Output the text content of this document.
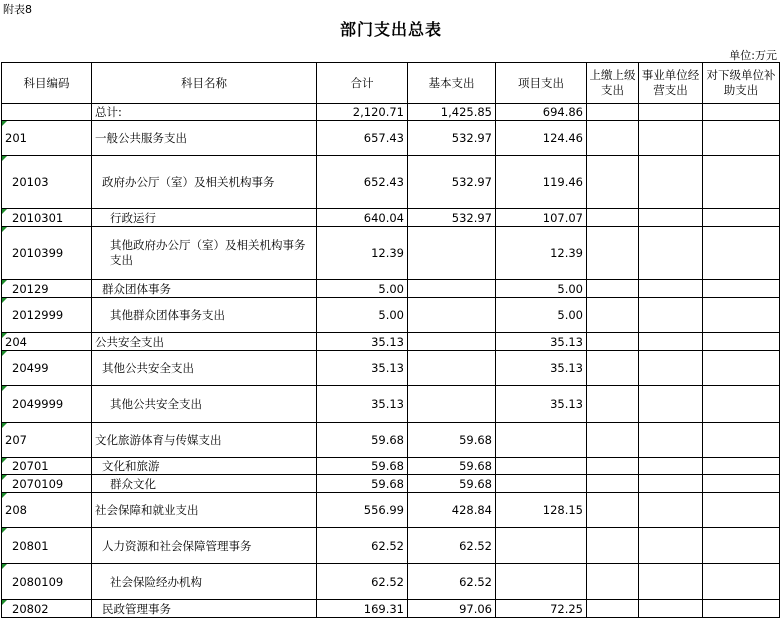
附表8
部门支出总表
单位:万元
科目编码	科目名称	合计	基本支出	项目支出	上缴上级支出	事业单位经营支出	对下级单位补助支出
	总计:	2,120.71	1,425.85	694.86			
201	一般公共服务支出	657.43	532.97	124.46			
20103	政府办公厅（室）及相关机构事务	652.43	532.97	119.46			
2010301	行政运行	640.04	532.97	107.07			
2010399	其他政府办公厅（室）及相关机构事务支出	12.39		12.39			
20129	群众团体事务	5.00		5.00			
2012999	其他群众团体事务支出	5.00		5.00			
204	公共安全支出	35.13		35.13			
20499	其他公共安全支出	35.13		35.13			
2049999	其他公共安全支出	35.13		35.13			
207	文化旅游体育与传媒支出	59.68	59.68				
20701	文化和旅游	59.68	59.68				
2070109	群众文化	59.68	59.68				
208	社会保障和就业支出	556.99	428.84	128.15			
20801	人力资源和社会保障管理事务	62.52	62.52				
2080109	社会保险经办机构	62.52	62.52				
20802	民政管理事务	169.31	97.06	72.25			
